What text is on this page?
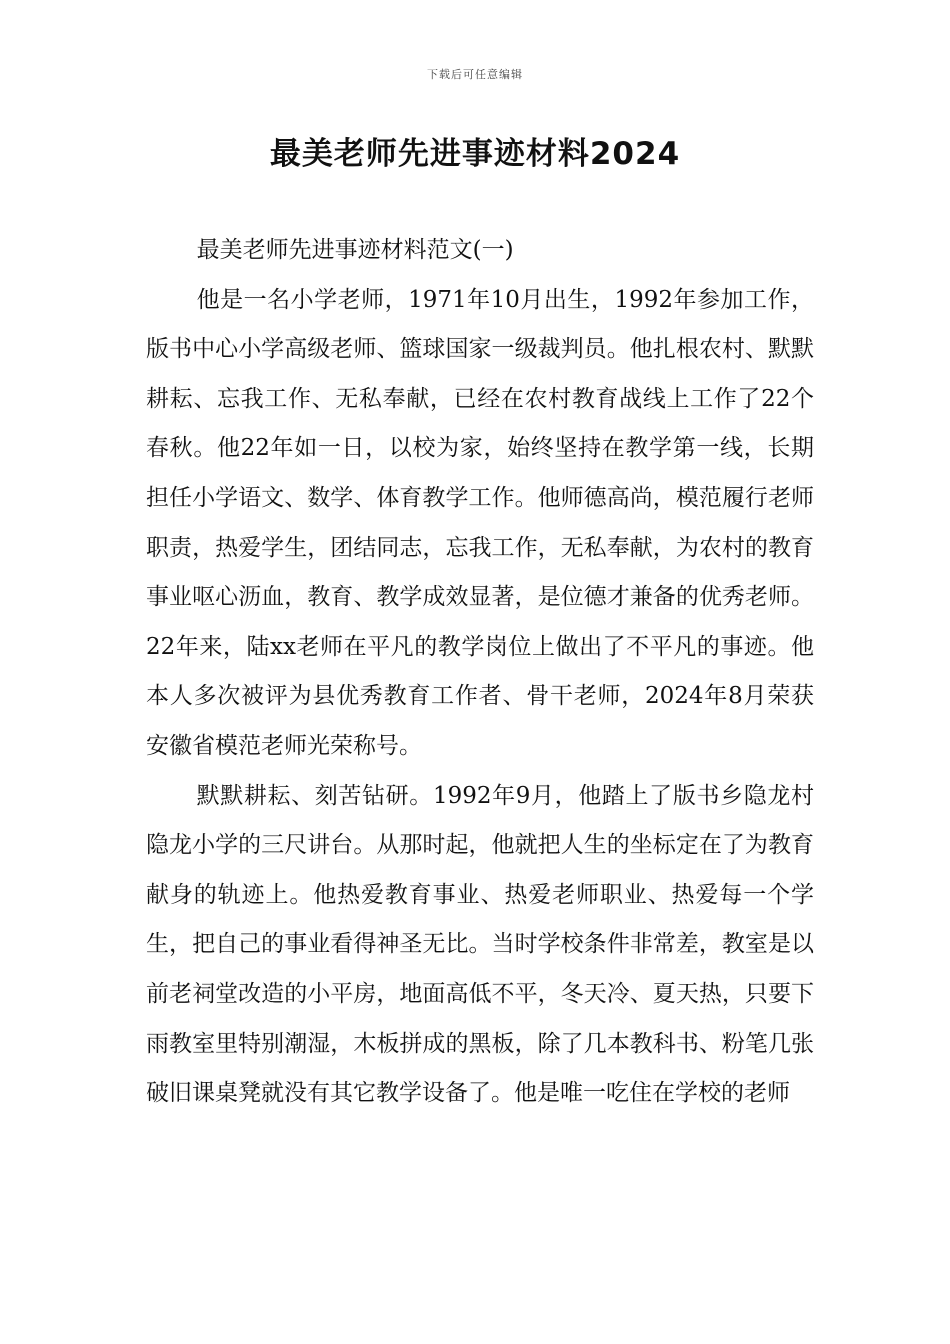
下载后可任意编辑
最美老师先进事迹材料2024

最美老师先进事迹材料范文(一)

他是一名小学老师，1971年10月出生，1992年参加工作，版书中心小学高级老师、篮球国家一级裁判员。他扎根农村、默默耕耘、忘我工作、无私奉献，已经在农村教育战线上工作了22个春秋。他22年如一日，以校为家，始终坚持在教学第一线，长期担任小学语文、数学、体育教学工作。他师德高尚，模范履行老师职责，热爱学生，团结同志，忘我工作，无私奉献，为农村的教育事业呕心沥血，教育、教学成效显著，是位德才兼备的优秀老师。22年来，陆xx老师在平凡的教学岗位上做出了不平凡的事迹。他本人多次被评为县优秀教育工作者、骨干老师，2024年8月荣获安徽省模范老师光荣称号。

默默耕耘、刻苦钻研。1992年9月，他踏上了版书乡隐龙村隐龙小学的三尺讲台。从那时起，他就把人生的坐标定在了为教育献身的轨迹上。他热爱教育事业、热爱老师职业、热爱每一个学生，把自己的事业看得神圣无比。当时学校条件非常差，教室是以前老祠堂改造的小平房，地面高低不平，冬天冷、夏天热，只要下雨教室里特别潮湿，木板拼成的黑板，除了几本教科书、粉笔几张破旧课桌凳就没有其它教学设备了。他是唯一吃住在学校的老师
